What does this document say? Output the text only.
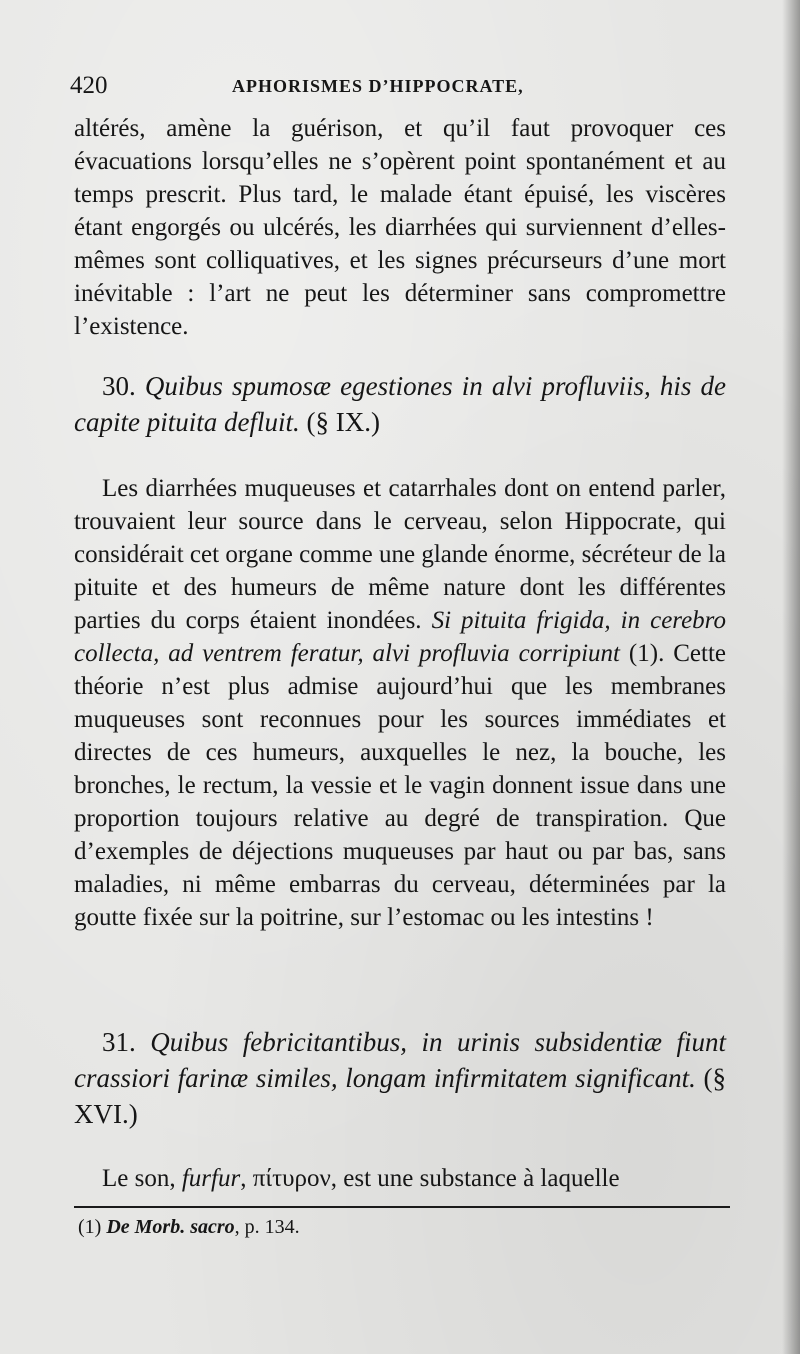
420	APHORISMES D’HIPPOCRATE,

altérés, amène la guérison, et qu’il faut provoquer ces évacuations lorsqu’elles ne s’opèrent point spontanément et au temps prescrit. Plus tard, le malade étant épuisé, les viscères étant engorgés ou ulcérés, les diarrhées qui surviennent d’elles-mêmes sont colliquatives, et les signes précurseurs d’une mort inévitable : l’art ne peut les déterminer sans compromettre l’existence.

30. Quibus spumosæ egestiones in alvi profluviis, his de capite pituita defluit. (§ IX.)

Les diarrhées muqueuses et catarrhales dont on entend parler, trouvaient leur source dans le cerveau, selon Hippocrate, qui considérait cet organe comme une glande énorme, sécréteur de la pituite et des humeurs de même nature dont les différentes parties du corps étaient inondées. Si pituita frigida, in cerebro collecta, ad ventrem feratur, alvi profluvia corripiunt (1). Cette théorie n’est plus admise aujourd’hui que les membranes muqueuses sont reconnues pour les sources immédiates et directes de ces humeurs, auxquelles le nez, la bouche, les bronches, le rectum, la vessie et le vagin donnent issue dans une proportion toujours relative au degré de transpiration. Que d’exemples de déjections muqueuses par haut ou par bas, sans maladies, ni même embarras du cerveau, déterminées par la goutte fixée sur la poitrine, sur l’estomac ou les intestins !

31. Quibus febricitantibus, in urinis subsidentiæ fiunt crassiori farinæ similes, longam infirmitatem significant. (§ XVI.)

Le son, furfur, πίτυρον, est une substance à laquelle

(1) De Morb. sacro, p. 134.
